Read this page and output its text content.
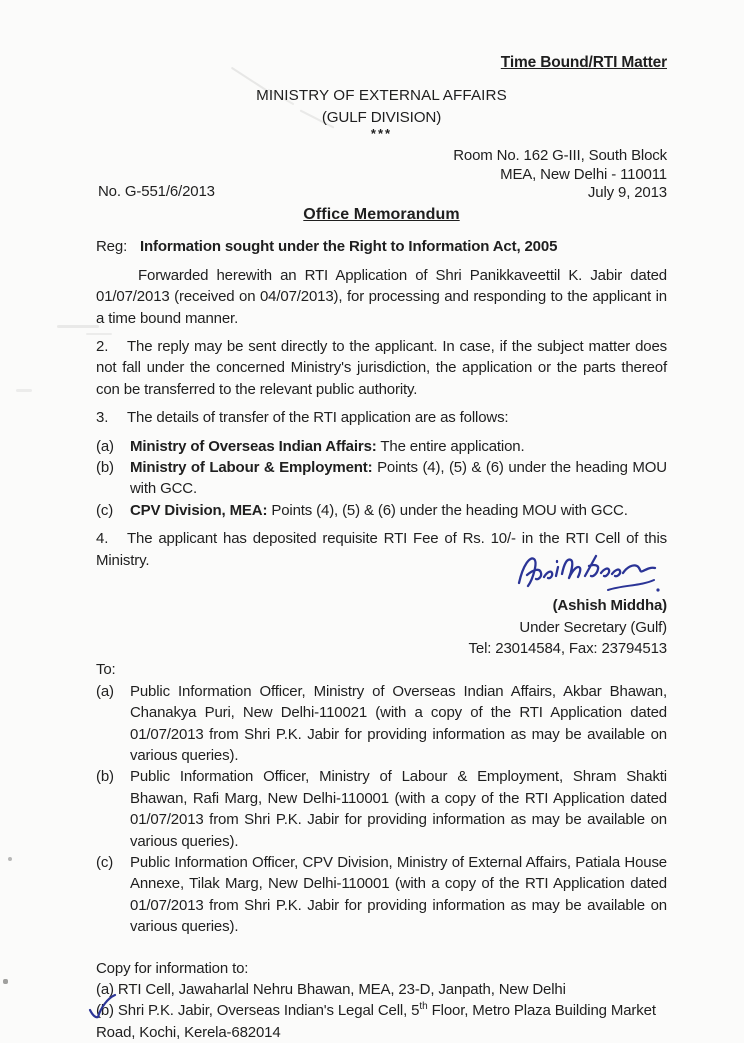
Time Bound/RTI Matter
MINISTRY OF EXTERNAL AFFAIRS
(GULF DIVISION)
***
Room No. 162 G-III, South Block
MEA, New Delhi - 110011
July 9, 2013
No. G-551/6/2013
Office Memorandum
Reg: Information sought under the Right to Information Act, 2005

Forwarded herewith an RTI Application of Shri Panikkaveettil K. Jabir dated 01/07/2013 (received on 04/07/2013), for processing and responding to the applicant in a time bound manner.

2. The reply may be sent directly to the applicant. In case, if the subject matter does not fall under the concerned Ministry's jurisdiction, the application or the parts thereof con be transferred to the relevant public authority.

3. The details of transfer of the RTI application are as follows:

(a)	Ministry of Overseas Indian Affairs: The entire application.
(b)	Ministry of Labour & Employment: Points (4), (5) & (6) under the heading MOU with GCC.
(c)	CPV Division, MEA: Points (4), (5) & (6) under the heading MOU with GCC.

4. The applicant has deposited requisite RTI Fee of Rs. 10/- in the RTI Cell of this Ministry.

(Ashish Middha)
Under Secretary (Gulf)
Tel: 23014584, Fax: 23794513
To:
(a)	Public Information Officer, Ministry of Overseas Indian Affairs, Akbar Bhawan, Chanakya Puri, New Delhi-110021 (with a copy of the RTI Application dated 01/07/2013 from Shri P.K. Jabir for providing information as may be available on various queries).
(b)	Public Information Officer, Ministry of Labour & Employment, Shram Shakti Bhawan, Rafi Marg, New Delhi-110001 (with a copy of the RTI Application dated 01/07/2013 from Shri P.K. Jabir for providing information as may be available on various queries).
(c)	Public Information Officer, CPV Division, Ministry of External Affairs, Patiala House Annexe, Tilak Marg, New Delhi-110001 (with a copy of the RTI Application dated 01/07/2013 from Shri P.K. Jabir for providing information as may be available on various queries).
Copy for information to:

(a) RTI Cell, Jawaharlal Nehru Bhawan, MEA, 23-D, Janpath, New Delhi

(b) Shri P.K. Jabir, Overseas Indian's Legal Cell, 5th Floor, Metro Plaza Building Market Road, Kochi, Kerela-682014
